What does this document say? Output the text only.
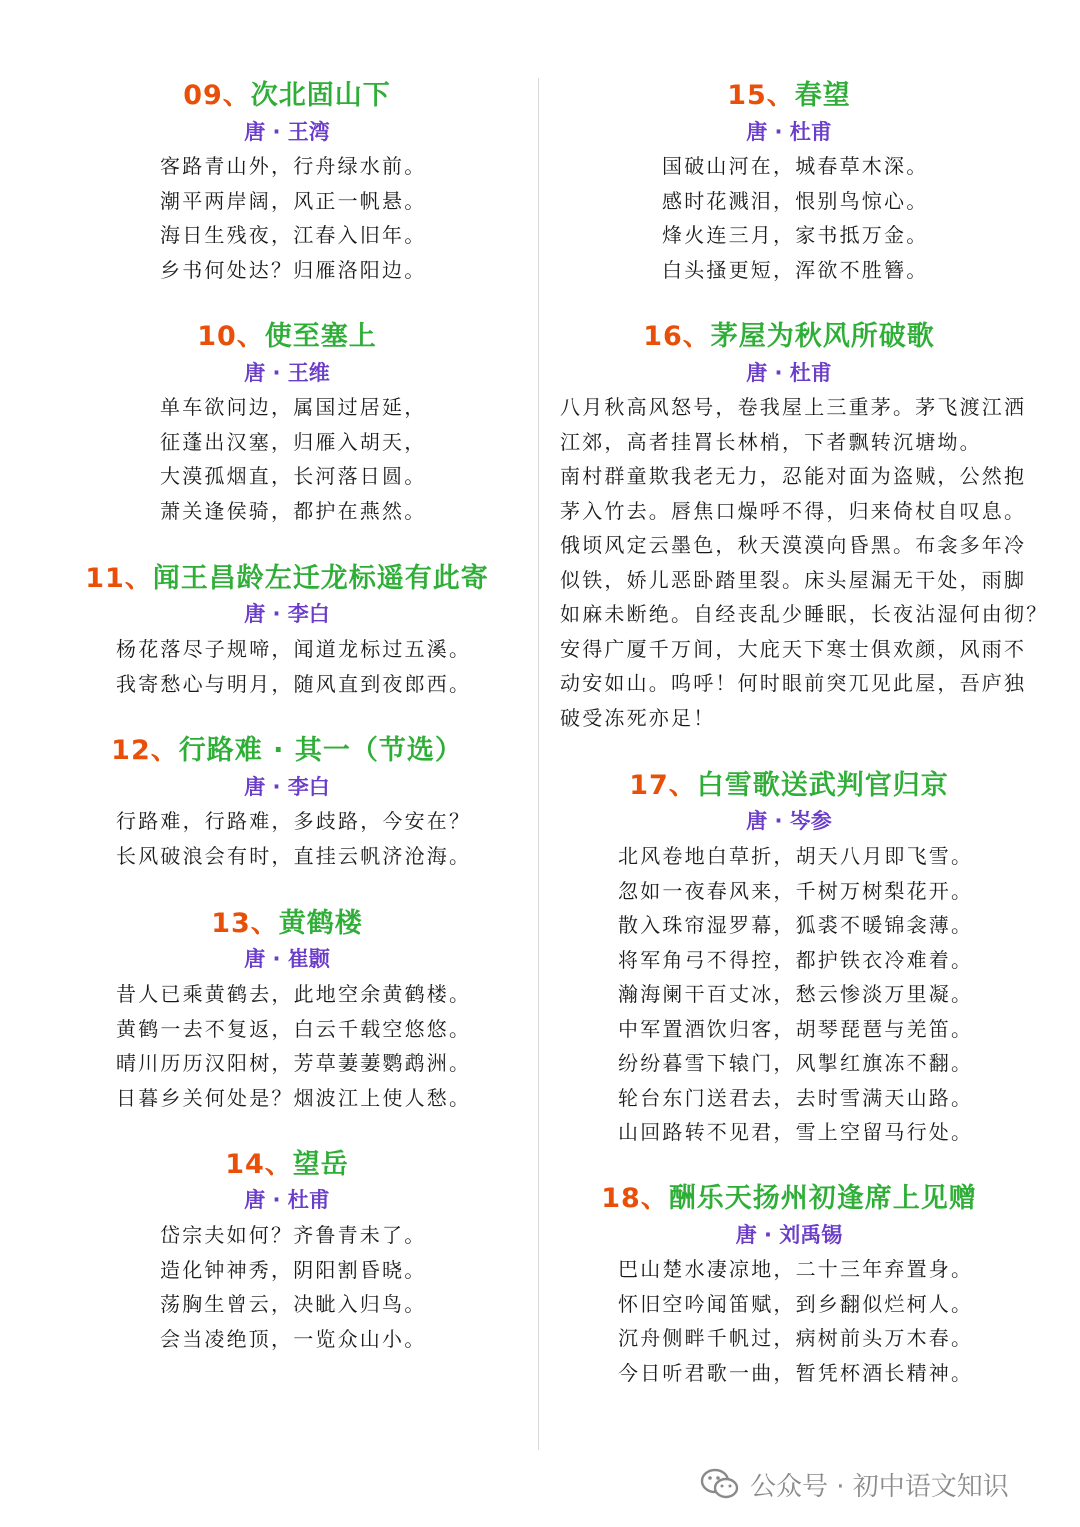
09、次北固山下
唐 · 王湾
客路青山外，行舟绿水前。
潮平两岸阔，风正一帆悬。
海日生残夜，江春入旧年。
乡书何处达？归雁洛阳边。
10、使至塞上
唐 · 王维
单车欲问边，属国过居延，
征蓬出汉塞，归雁入胡天，
大漠孤烟直，长河落日圆。
萧关逢侯骑，都护在燕然。
11、闻王昌龄左迁龙标遥有此寄
唐 · 李白
杨花落尽子规啼，闻道龙标过五溪。
我寄愁心与明月，随风直到夜郎西。
12、行路难 · 其一（节选）
唐 · 李白
行路难，行路难，多歧路，今安在？
长风破浪会有时，直挂云帆济沧海。
13、黄鹤楼
唐 · 崔颢
昔人已乘黄鹤去，此地空余黄鹤楼。
黄鹤一去不复返，白云千载空悠悠。
晴川历历汉阳树，芳草萋萋鹦鹉洲。
日暮乡关何处是？烟波江上使人愁。
14、望岳
唐 · 杜甫
岱宗夫如何？齐鲁青未了。
造化钟神秀，阴阳割昏晓。
荡胸生曾云，决眦入归鸟。
会当凌绝顶，一览众山小。
15、春望
唐 · 杜甫
国破山河在，城春草木深。
感时花溅泪，恨别鸟惊心。
烽火连三月，家书抵万金。
白头搔更短，浑欲不胜簪。
16、茅屋为秋风所破歌
唐 · 杜甫
八月秋高风怒号，卷我屋上三重茅。茅飞渡江洒
江郊，高者挂罥长林梢，下者飘转沉塘坳。
南村群童欺我老无力，忍能对面为盗贼，公然抱
茅入竹去。唇焦口燥呼不得，归来倚杖自叹息。
俄顷风定云墨色，秋天漠漠向昏黑。布衾多年冷
似铁，娇儿恶卧踏里裂。床头屋漏无干处，雨脚
如麻未断绝。自经丧乱少睡眠，长夜沾湿何由彻？
安得广厦千万间，大庇天下寒士俱欢颜，风雨不
动安如山。呜呼！何时眼前突兀见此屋，吾庐独
破受冻死亦足！
17、白雪歌送武判官归京
唐 · 岑参
北风卷地白草折，胡天八月即飞雪。
忽如一夜春风来，千树万树梨花开。
散入珠帘湿罗幕，狐裘不暖锦衾薄。
将军角弓不得控，都护铁衣冷难着。
瀚海阑干百丈冰，愁云惨淡万里凝。
中军置酒饮归客，胡琴琵琶与羌笛。
纷纷暮雪下辕门，风掣红旗冻不翻。
轮台东门送君去，去时雪满天山路。
山回路转不见君，雪上空留马行处。
18、酬乐天扬州初逢席上见赠
唐 · 刘禹锡
巴山楚水凄凉地，二十三年弃置身。
怀旧空吟闻笛赋，到乡翻似烂柯人。
沉舟侧畔千帆过，病树前头万木春。
今日听君歌一曲，暂凭杯酒长精神。
公众号 · 初中语文知识
